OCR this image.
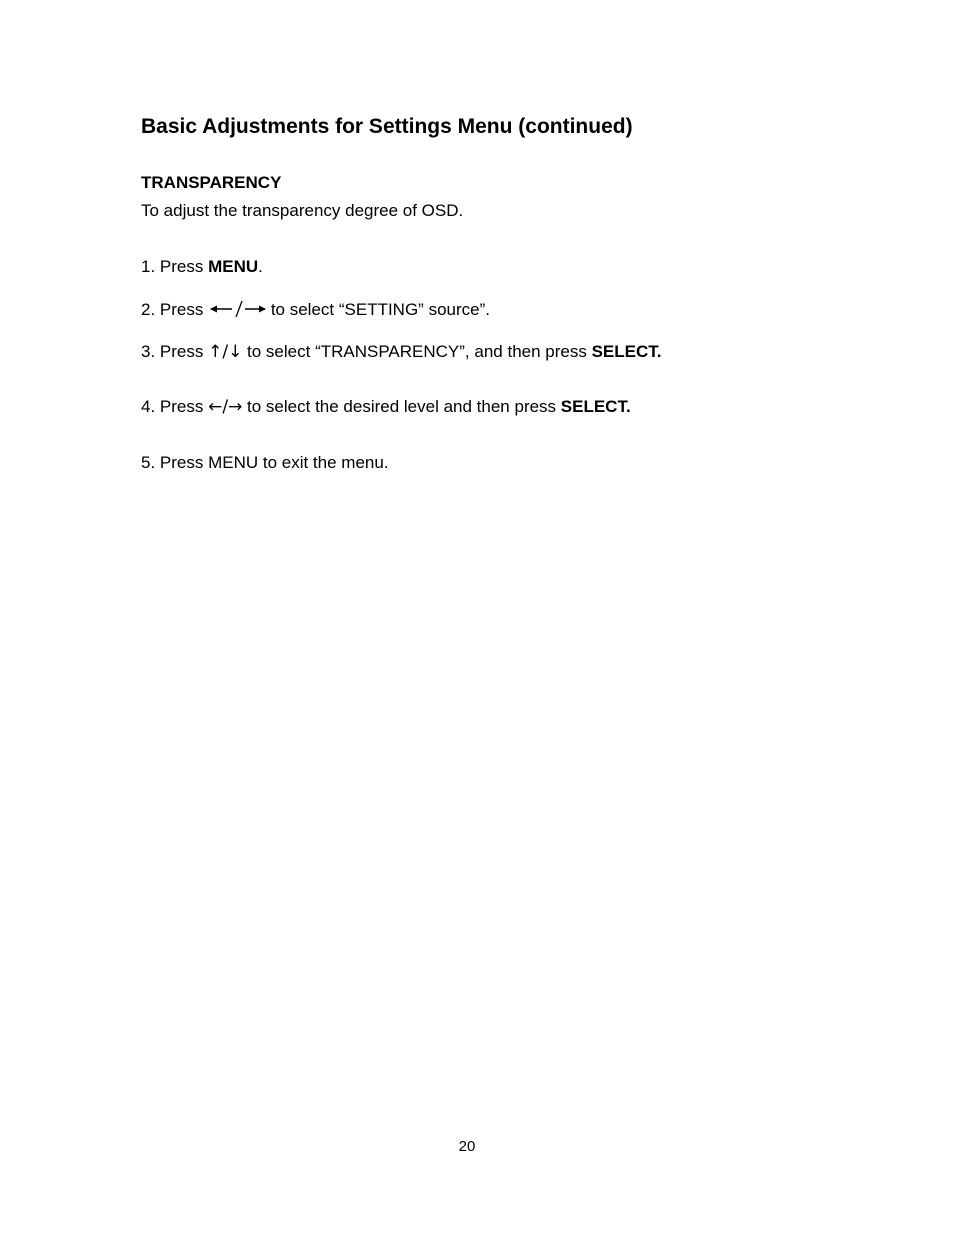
Basic Adjustments for Settings Menu (continued)
TRANSPARENCY
To adjust the transparency degree of OSD.
1. Press MENU.
2. Press	to select “SETTING” source”.
3. Press ↑/↓ to select “TRANSPARENCY”, and then press SELECT.
4. Press ←/→ to select the desired level and then press SELECT.
5. Press MENU to exit the menu.
20
